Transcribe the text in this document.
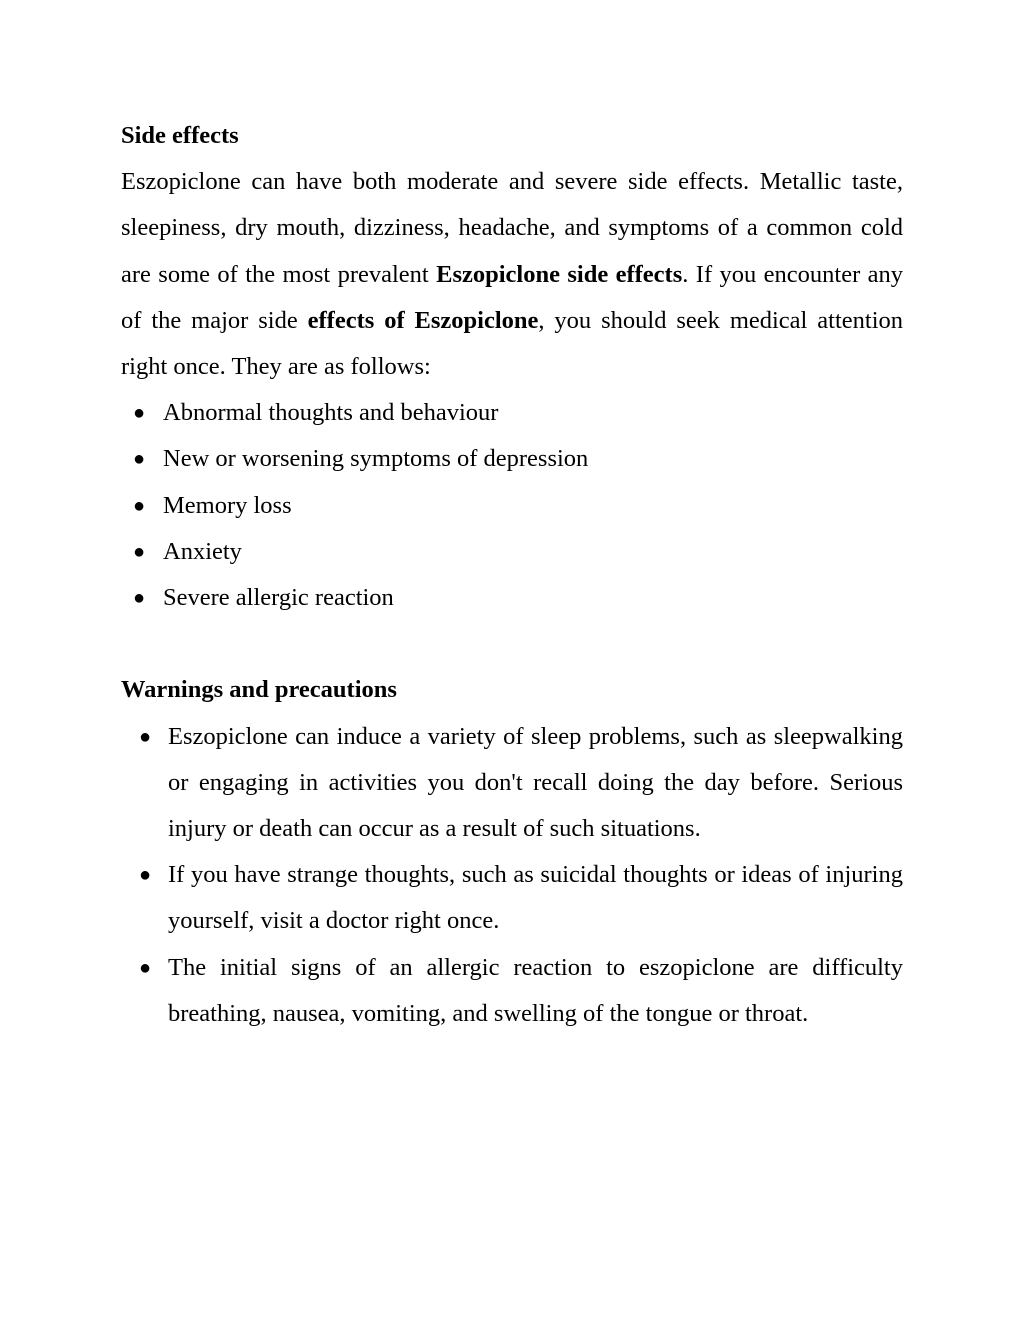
Side effects

Eszopiclone can have both moderate and severe side effects. Metallic taste, sleepiness, dry mouth, dizziness, headache, and symptoms of a common cold are some of the most prevalent Eszopiclone side effects. If you encounter any of the major side effects of Eszopiclone, you should seek medical attention right once. They are as follows:

● Abnormal thoughts and behaviour
● New or worsening symptoms of depression
● Memory loss
● Anxiety
● Severe allergic reaction

Warnings and precautions

● Eszopiclone can induce a variety of sleep problems, such as sleepwalking or engaging in activities you don't recall doing the day before. Serious injury or death can occur as a result of such situations.
● If you have strange thoughts, such as suicidal thoughts or ideas of injuring yourself, visit a doctor right once.
● The initial signs of an allergic reaction to eszopiclone are difficulty breathing, nausea, vomiting, and swelling of the tongue or throat.
